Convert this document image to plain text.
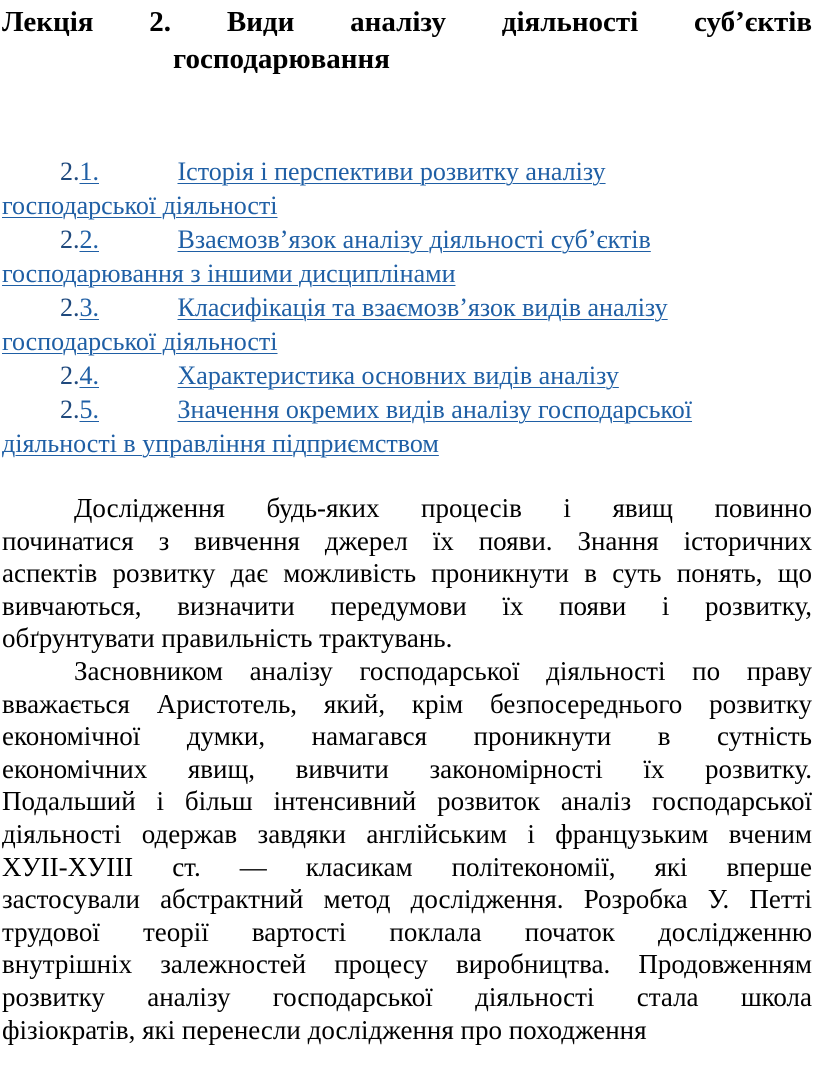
Лекція 2. Види аналізу діяльності суб’єктів
господарювання
2.1.	Історія і перспективи розвитку аналізу
господарської діяльності
2.2.	Взаємозв’язок аналізу діяльності суб’єктів
господарювання з іншими дисциплінами
2.3.	Класифікація та взаємозв’язок видів аналізу
господарської діяльності
2.4.	Характеристика основних видів аналізу
2.5.	Значення окремих видів аналізу господарської
діяльності в управління підприємством

Дослідження будь-яких процесів і явищ повинно
починатися з вивчення джерел їх появи. Знання історичних
аспектів розвитку дає можливість проникнути в суть понять, що
вивчаються, визначити передумови їх появи і розвитку,
обґрунтувати правильність трактувань.

Засновником аналізу господарської діяльності по праву
вважається Аристотель, який, крім безпосереднього розвитку
економічної думки, намагався проникнути в сутність
економічних явищ, вивчити закономірності їх розвитку.
Подальший і більш інтенсивний розвиток аналіз господарської
діяльності одержав завдяки англійським і французьким вченим
ХУІІ-ХУІІІ ст. — класикам політекономії, які вперше
застосували абстрактний метод дослідження. Розробка У. Петті
трудової теорії вартості поклала початок дослідженню
внутрішніх залежностей процесу виробництва. Продовженням
розвитку аналізу господарської діяльності стала школа
фізіократів, які перенесли дослідження про походження
